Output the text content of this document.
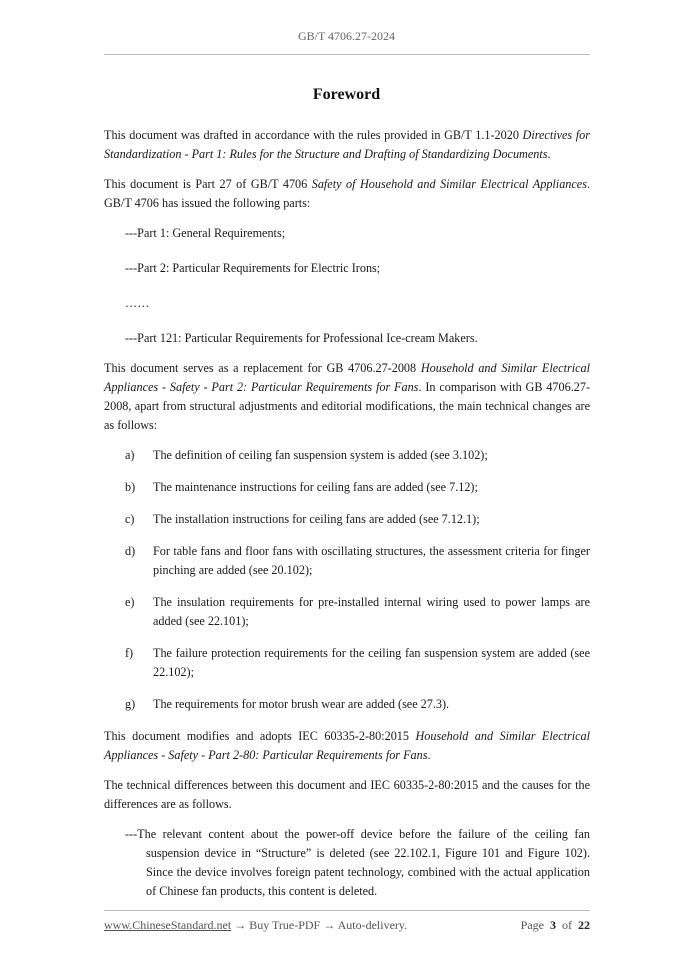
GB/T 4706.27-2024
Foreword

This document was drafted in accordance with the rules provided in GB/T 1.1-2020 Directives for Standardization - Part 1: Rules for the Structure and Drafting of Standardizing Documents.

This document is Part 27 of GB/T 4706 Safety of Household and Similar Electrical Appliances. GB/T 4706 has issued the following parts:

---Part 1: General Requirements;

---Part 2: Particular Requirements for Electric Irons;

……

---Part 121: Particular Requirements for Professional Ice-cream Makers.

This document serves as a replacement for GB 4706.27-2008 Household and Similar Electrical Appliances - Safety - Part 2: Particular Requirements for Fans. In comparison with GB 4706.27-2008, apart from structural adjustments and editorial modifications, the main technical changes are as follows:

a)	The definition of ceiling fan suspension system is added (see 3.102);
b)	The maintenance instructions for ceiling fans are added (see 7.12);
c)	The installation instructions for ceiling fans are added (see 7.12.1);
d)	For table fans and floor fans with oscillating structures, the assessment criteria for finger pinching are added (see 20.102);
e)	The insulation requirements for pre-installed internal wiring used to power lamps are added (see 22.101);
f)	The failure protection requirements for the ceiling fan suspension system are added (see 22.102);
g)	The requirements for motor brush wear are added (see 27.3).

This document modifies and adopts IEC 60335-2-80:2015 Household and Similar Electrical Appliances - Safety - Part 2-80: Particular Requirements for Fans.

The technical differences between this document and IEC 60335-2-80:2015 and the causes for the differences are as follows.

---The relevant content about the power-off device before the failure of the ceiling fan suspension device in “Structure” is deleted (see 22.102.1, Figure 101 and Figure 102). Since the device involves foreign patent technology, combined with the actual application of Chinese fan products, this content is deleted.

www.ChineseStandard.net → Buy True-PDF → Auto-delivery.	Page 3 of 22
